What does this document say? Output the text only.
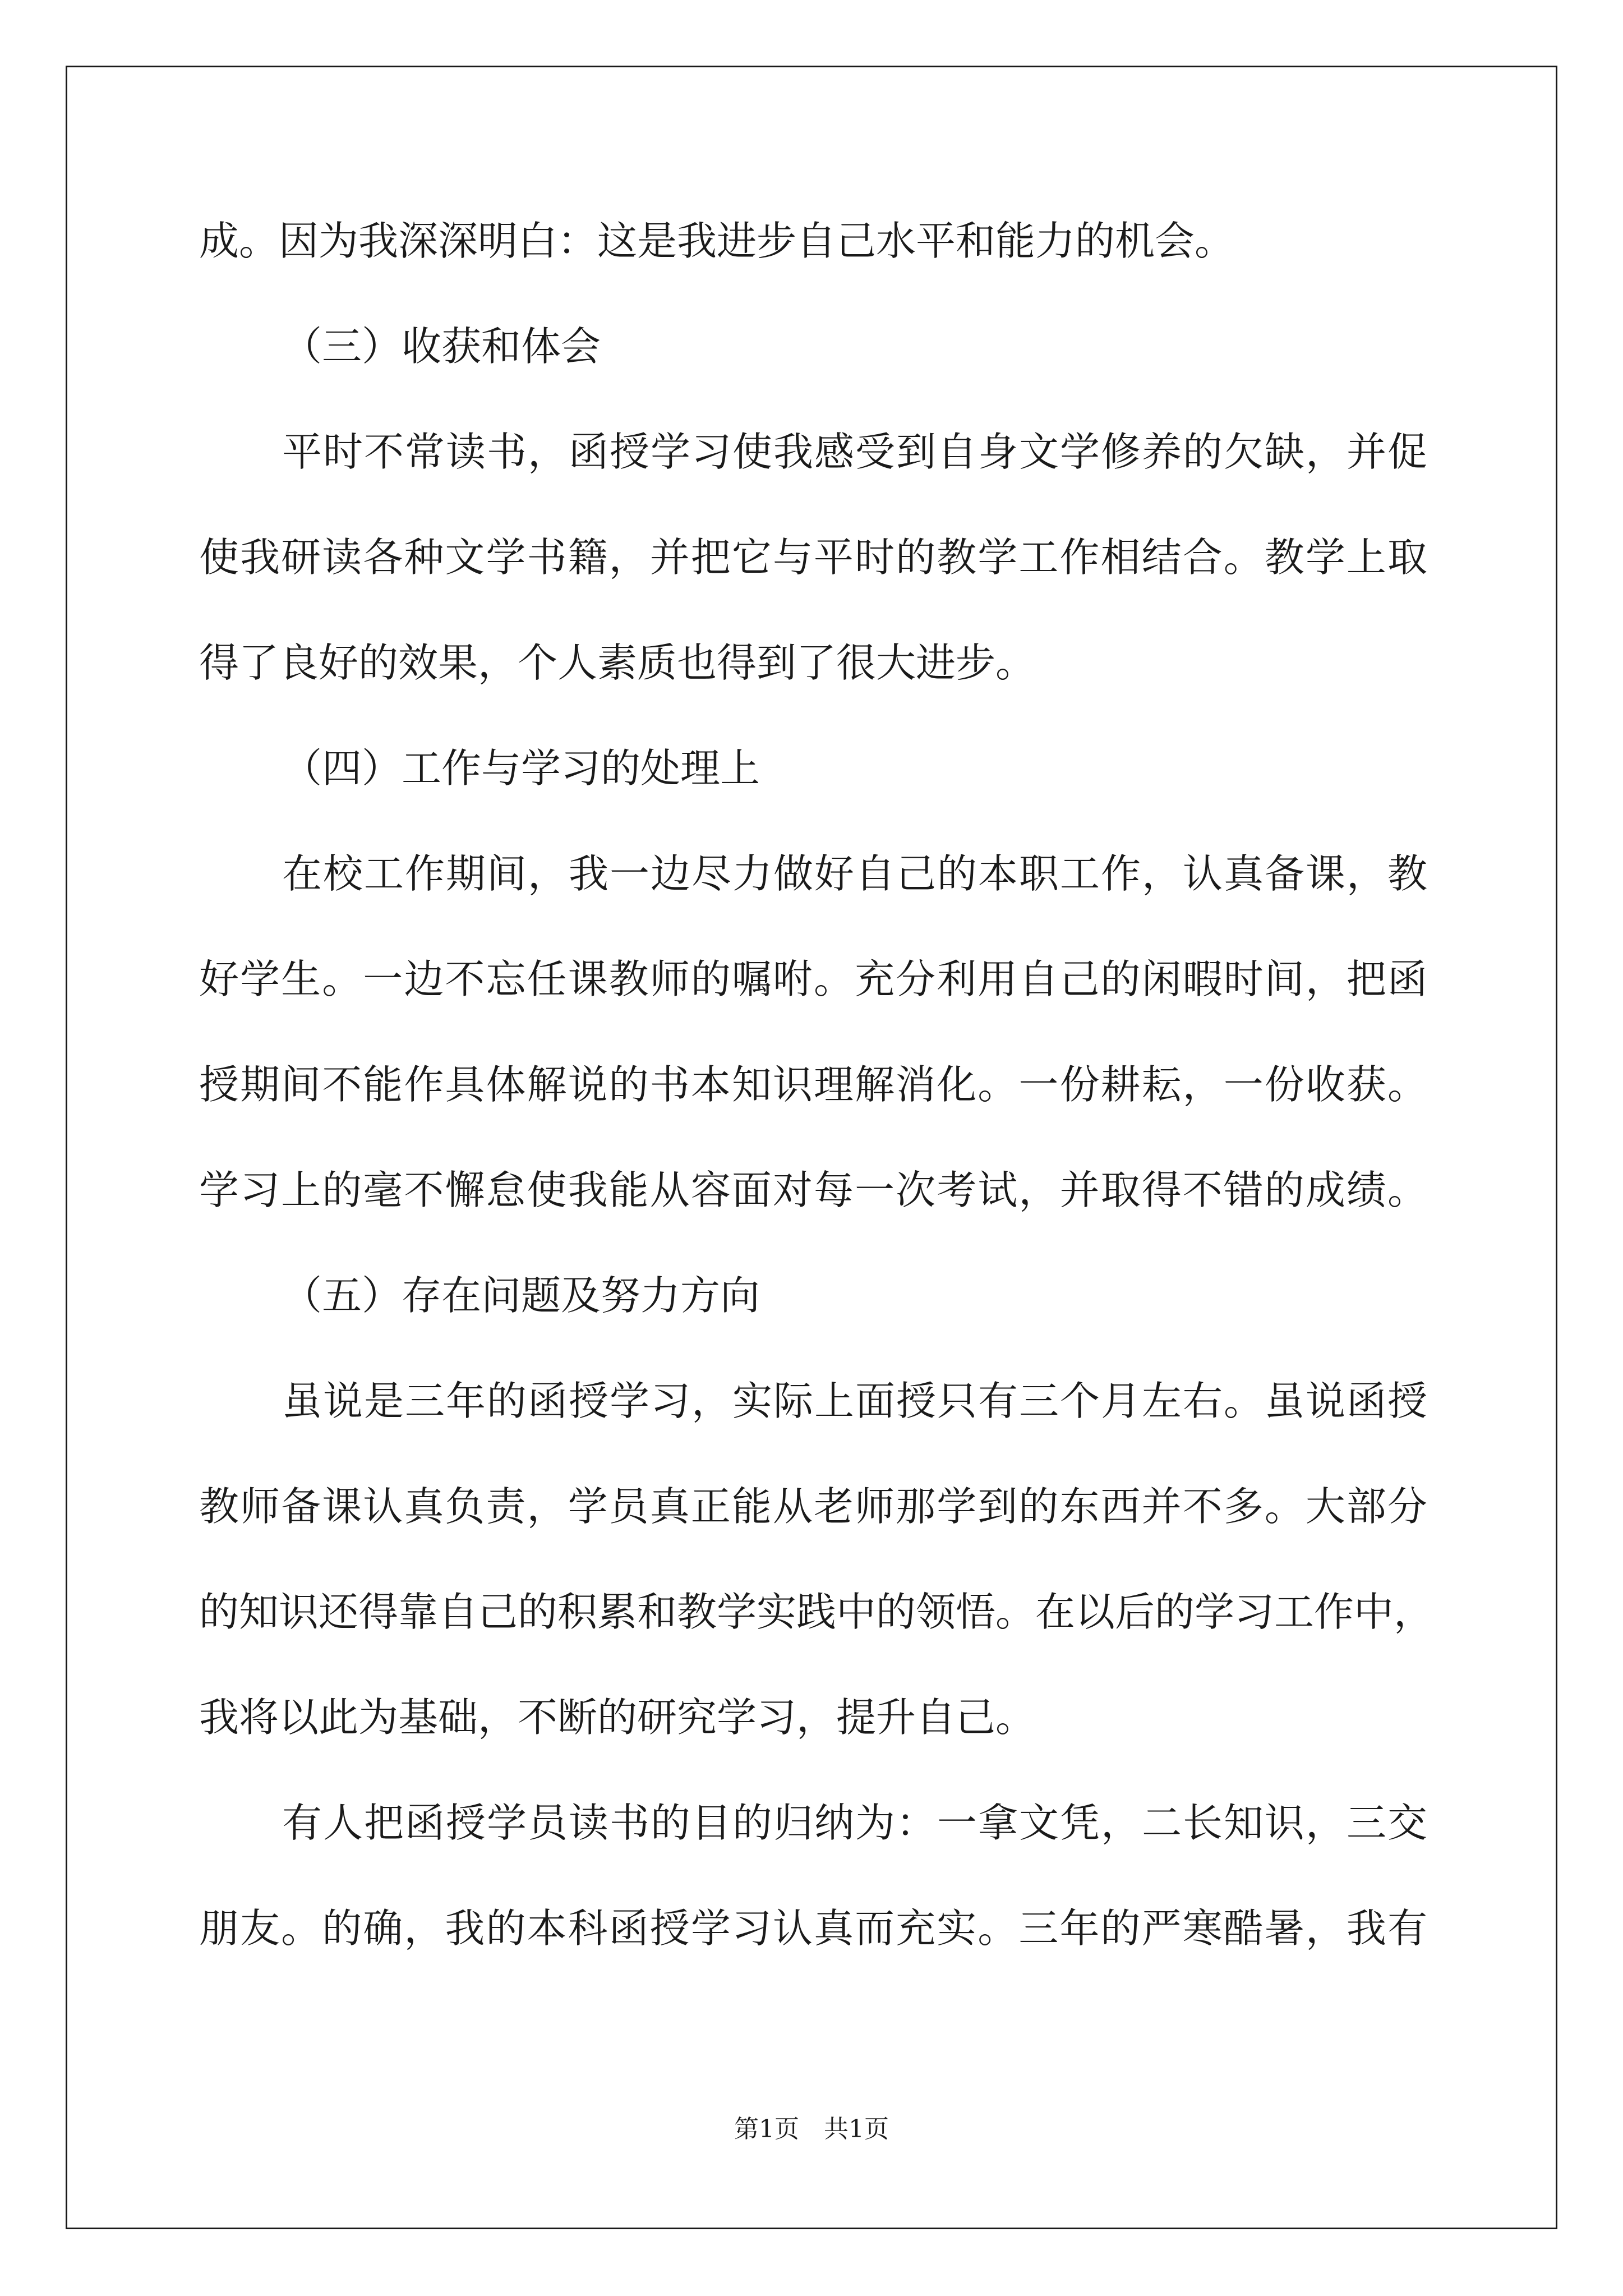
成。因为我深深明白：这是我进步自己水平和能力的机会。
（三）收获和体会
平时不常读书，函授学习使我感受到自身文学修养的欠缺，并促
使我研读各种文学书籍，并把它与平时的教学工作相结合。教学上取
得了良好的效果，个人素质也得到了很大进步。
（四）工作与学习的处理上
在校工作期间，我一边尽力做好自己的本职工作，认真备课，教
好学生。一边不忘任课教师的嘱咐。充分利用自己的闲暇时间，把函
授期间不能作具体解说的书本知识理解消化。一份耕耘，一份收获。
学习上的毫不懈怠使我能从容面对每一次考试，并取得不错的成绩。
（五）存在问题及努力方向
虽说是三年的函授学习，实际上面授只有三个月左右。虽说函授
教师备课认真负责，学员真正能从老师那学到的东西并不多。大部分
的知识还得靠自己的积累和教学实践中的领悟。在以后的学习工作中，
我将以此为基础，不断的研究学习，提升自己。
有人把函授学员读书的目的归纳为：一拿文凭，二长知识，三交
朋友。的确，我的本科函授学习认真而充实。三年的严寒酷暑，我有
第1页　共1页
